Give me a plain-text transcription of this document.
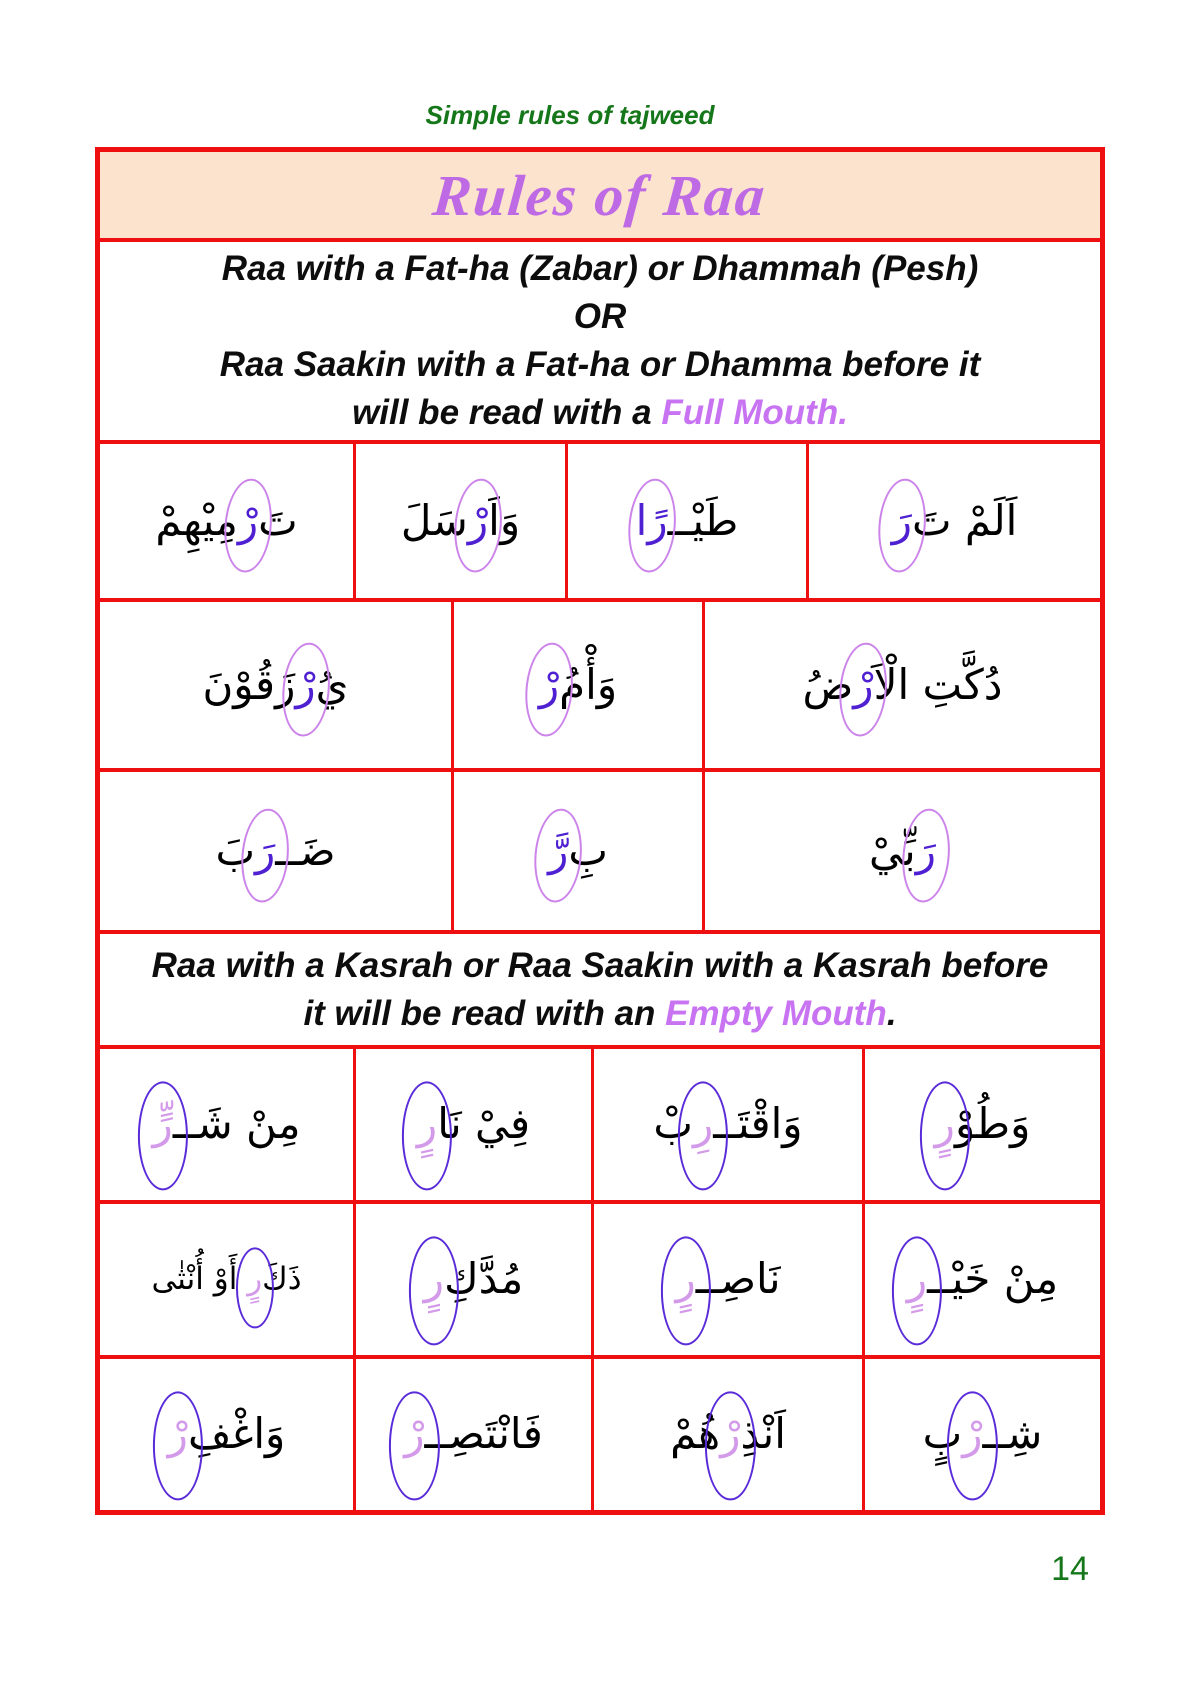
Simple rules of tajweed
Rules of Raa
Raa with a Fat-ha (Zabar) or Dhammah (Pesh)
OR
Raa Saakin with a Fat-ha or Dhamma before it
will be read with a Full Mouth.
تَرْمِيْهِمْ	وَاَرْسَلَ	طَيْــرًا	اَلَمْ تَرَ
يُرْزَقُوْنَ	وَأْمُرْ	دُكَّتِ الْاَرْضُ
ضَــرَبَ	بِرَّ	رَبِّيْ
Raa with a Kasrah or Raa Saakin with a Kasrah before
it will be read with an Empty Mouth.
مِنْ شَــرٍّ	فِيْ نَارٍ	وَاقْتَــرِبْ	وَطُوْرٍ
ذَكَرٍ أَوْ أُنْثٰى	مُدَّكِرٍ	نَاصِــرٍ	مِنْ خَيْــرٍ
وَاغْفِرْ	فَانْتَصِــرْ	اَنْذِرْهُمْ	شِــرْبٍ
14
